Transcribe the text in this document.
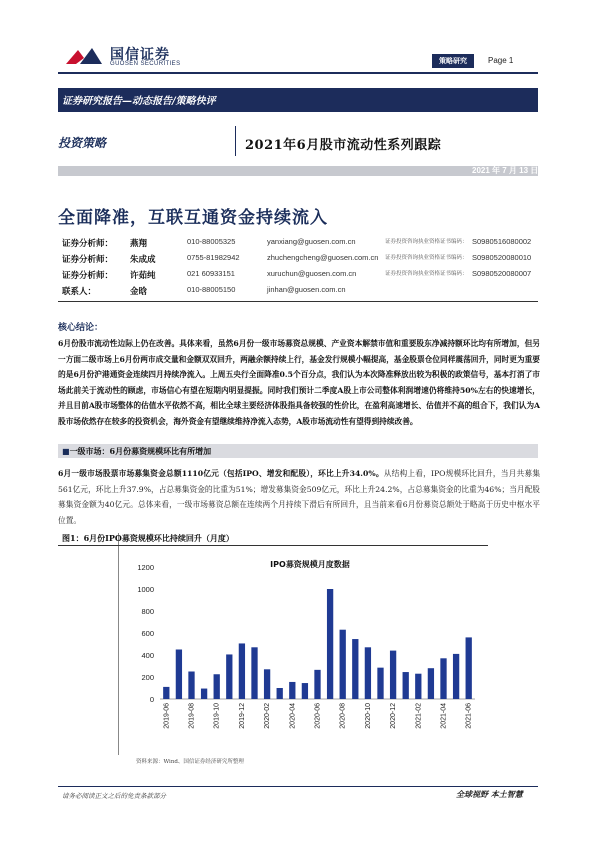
国信证券
GUOSEN SECURITIES	策略研究	Page 1
证券研究报告—动态报告/策略快评
投资策略	2021年6月股市流动性系列跟踪
2021 年 7 月 13 日
全面降准，互联互通资金持续流入
证券分析师： 燕翔	010-88005325	yanxiang@guosen.com.cn	证券投资咨询执业资格证书编码： S0980516080002
证券分析师： 朱成成	0755-81982942	zhuchengcheng@guosen.com.cn 证券投资咨询执业资格证书编码： S0980520080010
证券分析师： 许茹纯	021 60933151	xuruchun@guosen.com.cn	证券投资咨询执业资格证书编码： S0980520080007
联系人：	金晗	010-88005150	jinhan@guosen.com.cn
核心结论：
6月份股市流动性边际上仍在改善。具体来看，虽然6月份一级市场募资总规模、产业资本解禁市值和重要股东净减持额环比均有所增加，但另一方面二级市场上6月份两市成交量和金额双双回升，两融余额持续上行，基金发行规模小幅提高，基金股票仓位同样震荡回升，同时更为重要的是6月份沪港通资金连续四月持续净流入。上周五央行全面降准0.5个百分点，我们认为本次降准释放出较为积极的政策信号，基本打消了市场此前关于流动性的顾虑，市场信心有望在短期内明显提振。同时我们预计二季度A股上市公司整体利润增速仍将维持50%左右的快速增长，并且目前A股市场整体的估值水平依然不高，相比全球主要经济体股指具备较强的性价比，在盈利高速增长、估值并不高的组合下，我们认为A股市场依然存在较多的投资机会，海外资金有望继续维持净流入态势，A股市场流动性有望得到持续改善。
■ 一级市场：6月份募资规模环比有所增加
6月一级市场股票市场募集资金总额1110亿元（包括IPO、增发和配股），环比上升34.0%。从结构上看，IPO规模环比回升，当月共募集561亿元，环比上升37.9%，占总募集资金的比重为51%；增发募集资金509亿元，环比上升24.2%，占总募集资金的比重为46%；当月配股募集资金额为40亿元。总体来看，一级市场募资总额在连续两个月持续下滑后有所回升，且当前来看6月份募资总额处于略高于历史中枢水平位置。
图1：6月份IPO募资规模环比持续回升（月度）
IPO募资规模月度数据
0
200
400
600
800
1000
1200
2019-06	2019-08	2019-10	2019-12	2020-02	2020-04	2020-06	2020-08	2020-10	2020-12	2021-02	2021-04	2021-06
资料来源：Wind、国信证券经济研究所整理
请务必阅读正文之后的免责条款部分	全球视野 本土智慧
